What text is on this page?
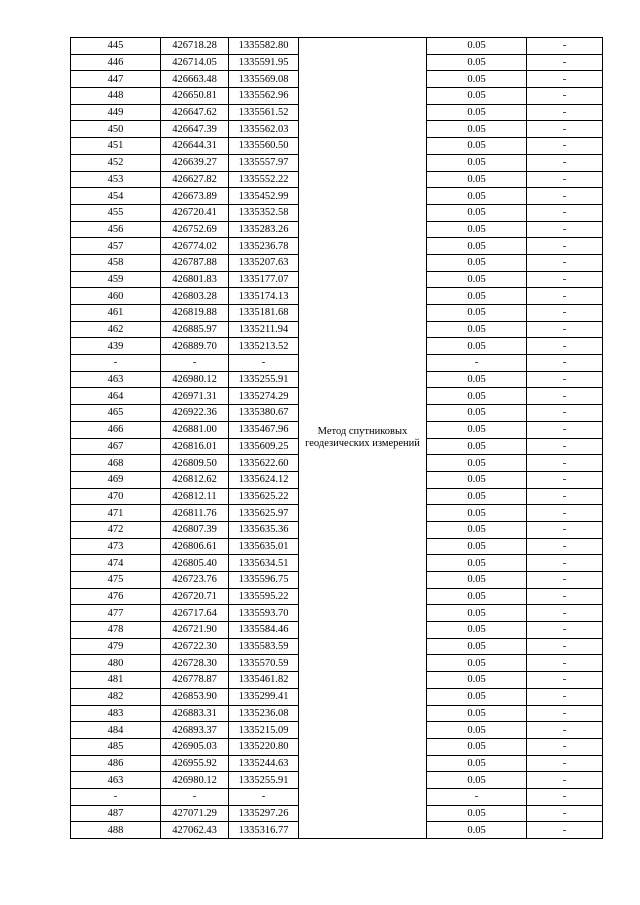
445	426718.28	1335582.80	Метод спутниковых геодезических измерений	0.05	-
446	426714.05	1335591.95		0.05	-
447	426663.48	1335569.08		0.05	-
448	426650.81	1335562.96		0.05	-
449	426647.62	1335561.52		0.05	-
450	426647.39	1335562.03		0.05	-
451	426644.31	1335560.50		0.05	-
452	426639.27	1335557.97		0.05	-
453	426627.82	1335552.22		0.05	-
454	426673.89	1335452.99		0.05	-
455	426720.41	1335352.58		0.05	-
456	426752.69	1335283.26		0.05	-
457	426774.02	1335236.78		0.05	-
458	426787.88	1335207.63		0.05	-
459	426801.83	1335177.07		0.05	-
460	426803.28	1335174.13		0.05	-
461	426819.88	1335181.68		0.05	-
462	426885.97	1335211.94		0.05	-
439	426889.70	1335213.52		0.05	-
-	-	-		-	-
463	426980.12	1335255.91		0.05	-
464	426971.31	1335274.29		0.05	-
465	426922.36	1335380.67		0.05	-
466	426881.00	1335467.96		0.05	-
467	426816.01	1335609.25		0.05	-
468	426809.50	1335622.60		0.05	-
469	426812.62	1335624.12		0.05	-
470	426812.11	1335625.22		0.05	-
471	426811.76	1335625.97		0.05	-
472	426807.39	1335635.36		0.05	-
473	426806.61	1335635.01		0.05	-
474	426805.40	1335634.51		0.05	-
475	426723.76	1335596.75		0.05	-
476	426720.71	1335595.22		0.05	-
477	426717.64	1335593.70		0.05	-
478	426721.90	1335584.46		0.05	-
479	426722.30	1335583.59		0.05	-
480	426728.30	1335570.59		0.05	-
481	426778.87	1335461.82		0.05	-
482	426853.90	1335299.41		0.05	-
483	426883.31	1335236.08		0.05	-
484	426893.37	1335215.09		0.05	-
485	426905.03	1335220.80		0.05	-
486	426955.92	1335244.63		0.05	-
463	426980.12	1335255.91		0.05	-
-	-	-		-	-
487	427071.29	1335297.26		0.05	-
488	427062.43	1335316.77		0.05	-
